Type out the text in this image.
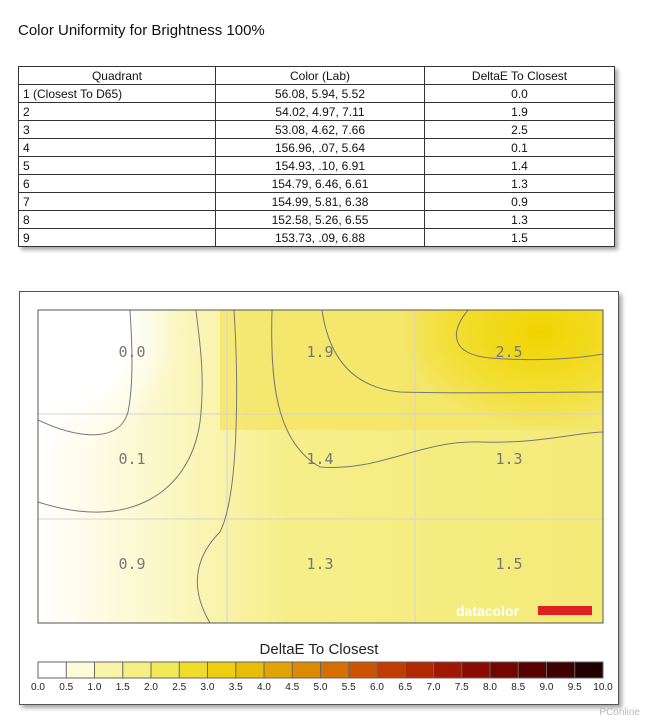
Color Uniformity for Brightness 100%
Quadrant	Color (Lab)	DeltaE To Closest
1 (Closest To D65)	56.08, 5.94, 5.52	0.0
2	54.02, 4.97, 7.11	1.9
3	53.08, 4.62, 7.66	2.5
4	156.96, .07, 5.64	0.1
5	154.93, .10, 6.91	1.4
6	154.79, 6.46, 6.61	1.3
7	154.99, 5.81, 6.38	0.9
8	152.58, 5.26, 6.55	1.3
9	153.73, .09, 6.88	1.5
0.0	1.9	2.5
0.1	1.4	1.3
0.9	1.3	1.5
datacolor
DeltaE To Closest
0.0 0.5 1.0 1.5 2.0 2.5 3.0 3.5 4.0 4.5 5.0 5.5 6.0 6.5 7.0 7.5 8.0 8.5 9.0 9.5 10.0
PConline
